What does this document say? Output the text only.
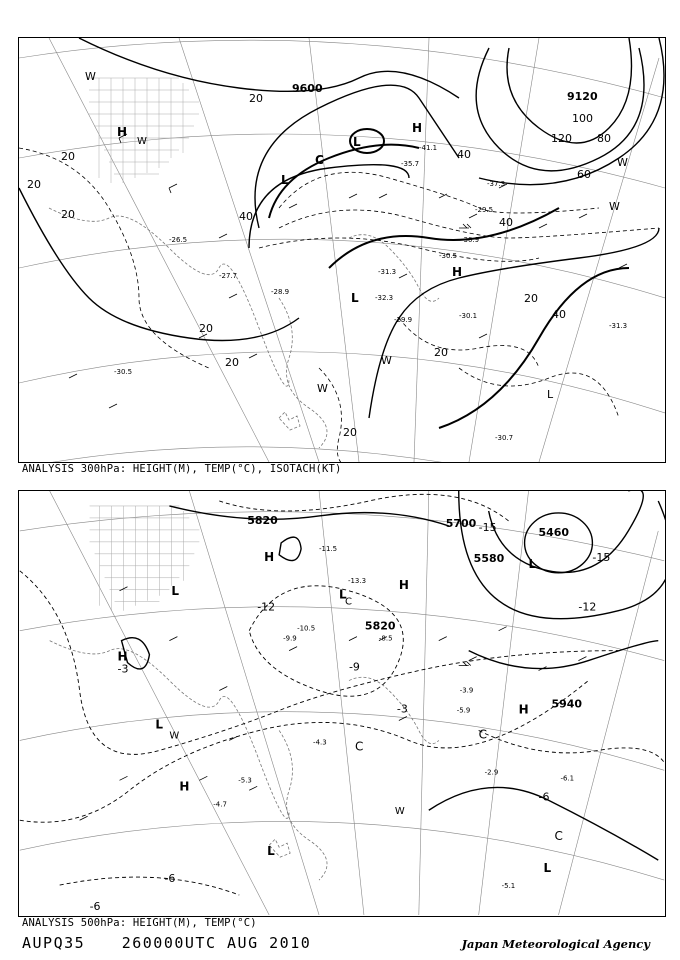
9600
9120
20
20
20
20
20
20
40	40
60
80
100
120
20
40
20
20
40
H
L
H
L
C
H
L
W
W
W
L
W
W
W
-30.1
-29.9
-30.9
-31.3
-32.3
-30.5
-27.7
-26.5
-31.3
-30.7
-41.1
-35.7
-37.3
-29.5
-28.9
-30.5
ANALYSIS 300hPa: HEIGHT(M), TEMP(°C), ISOTACH(KT)
5820	5700
5460
5580
5820
5940
-12
-15
-12
-9
-6
-3
-6
-15
-3
-6
H
L
H
L
L
H
L
C
H
C
L
C
C
L
W
H
W
-9.9
-10.5
-4.3
-5.3
-2.9
-5.1
-6.1
-4.7
-3.9
-5.9
-11.5
-8.5
-13.3
ANALYSIS 500hPa: HEIGHT(M), TEMP(°C)
AUPQ35 260000UTC AUG 2010	Japan Meteorological Agency
